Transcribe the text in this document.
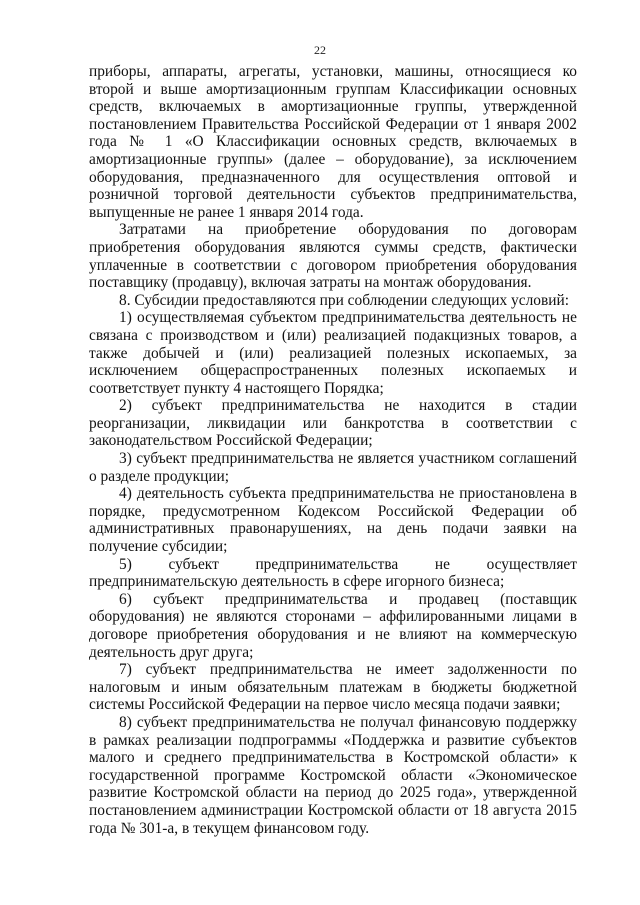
22

приборы, аппараты, агрегаты, установки, машины, относящиеся ко второй и выше амортизационным группам Классификации основных средств, включаемых в амортизационные группы, утвержденной постановлением Правительства Российской Федерации от 1 января 2002 года № 1 «О Классификации основных средств, включаемых в амортизационные группы» (далее – оборудование), за исключением оборудования, предназначенного для осуществления оптовой и розничной торговой деятельности субъектов предпринимательства, выпущенные не ранее 1 января 2014 года.

Затратами на приобретение оборудования по договорам приобретения оборудования являются суммы средств, фактически уплаченные в соответствии с договором приобретения оборудования поставщику (продавцу), включая затраты на монтаж оборудования.

8. Субсидии предоставляются при соблюдении следующих условий:

1) осуществляемая субъектом предпринимательства деятельность не связана с производством и (или) реализацией подакцизных товаров, а также добычей и (или) реализацией полезных ископаемых, за исключением общераспространенных полезных ископаемых и соответствует пункту 4 настоящего Порядка;

2) субъект предпринимательства не находится в стадии реорганизации, ликвидации или банкротства в соответствии с законодательством Российской Федерации;

3) субъект предпринимательства не является участником соглашений о разделе продукции;

4) деятельность субъекта предпринимательства не приостановлена в порядке, предусмотренном Кодексом Российской Федерации об административных правонарушениях, на день подачи заявки на получение субсидии;

5) субъект предпринимательства не осуществляет предпринимательскую деятельность в сфере игорного бизнеса;

6) субъект предпринимательства и продавец (поставщик оборудования) не являются сторонами – аффилированными лицами в договоре приобретения оборудования и не влияют на коммерческую деятельность друг друга;

7) субъект предпринимательства не имеет задолженности по налоговым и иным обязательным платежам в бюджеты бюджетной системы Российской Федерации на первое число месяца подачи заявки;

8) субъект предпринимательства не получал финансовую поддержку в рамках реализации подпрограммы «Поддержка и развитие субъектов малого и среднего предпринимательства в Костромской области» к государственной программе Костромской области «Экономическое развитие Костромской области на период до 2025 года», утвержденной постановлением администрации Костромской области от 18 августа 2015 года № 301-а, в текущем финансовом году.
